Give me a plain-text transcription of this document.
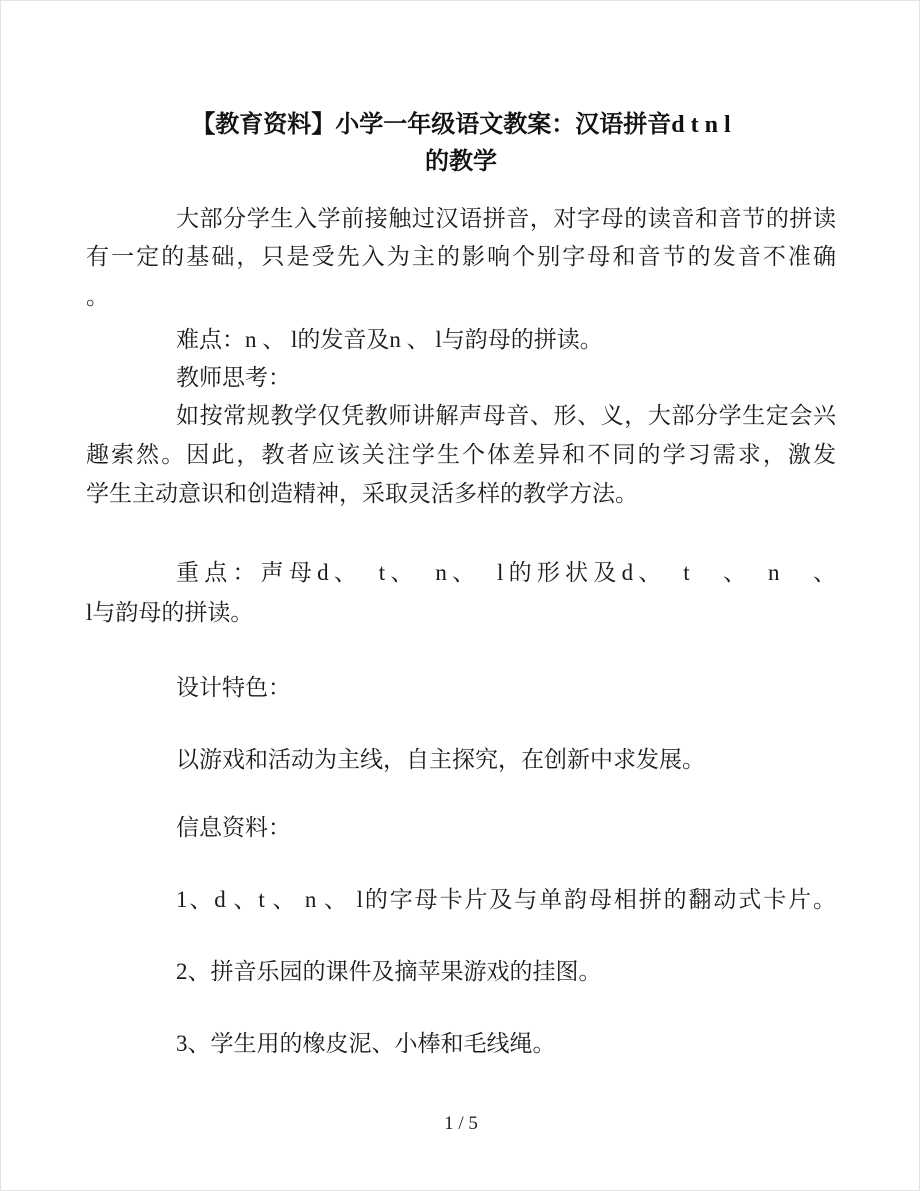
【教育资料】小学一年级语文教案：汉语拼音d t n l
的教学
大部分学生入学前接触过汉语拼音，对字母的读音和音节的拼读
有一定的基础，只是受先入为主的影响个别字母和音节的发音不准确
。
难点：n 、 l的发音及n 、 l与韵母的拼读。
教师思考：
如按常规教学仅凭教师讲解声母音、形、义，大部分学生定会兴
趣索然。因此，教者应该关注学生个体差异和不同的学习需求，激发
学生主动意识和创造精神，采取灵活多样的教学方法。
重点：声母d、　t、　n、　l的形状及d、　t　、　n　、
l与韵母的拼读。
设计特色：
以游戏和活动为主线，自主探究，在创新中求发展。
信息资料：
1、d 、t 、 n 、 l的字母卡片及与单韵母相拼的翻动式卡片。
2、拼音乐园的课件及摘苹果游戏的挂图。
3、学生用的橡皮泥、小棒和毛线绳。
1 / 5
